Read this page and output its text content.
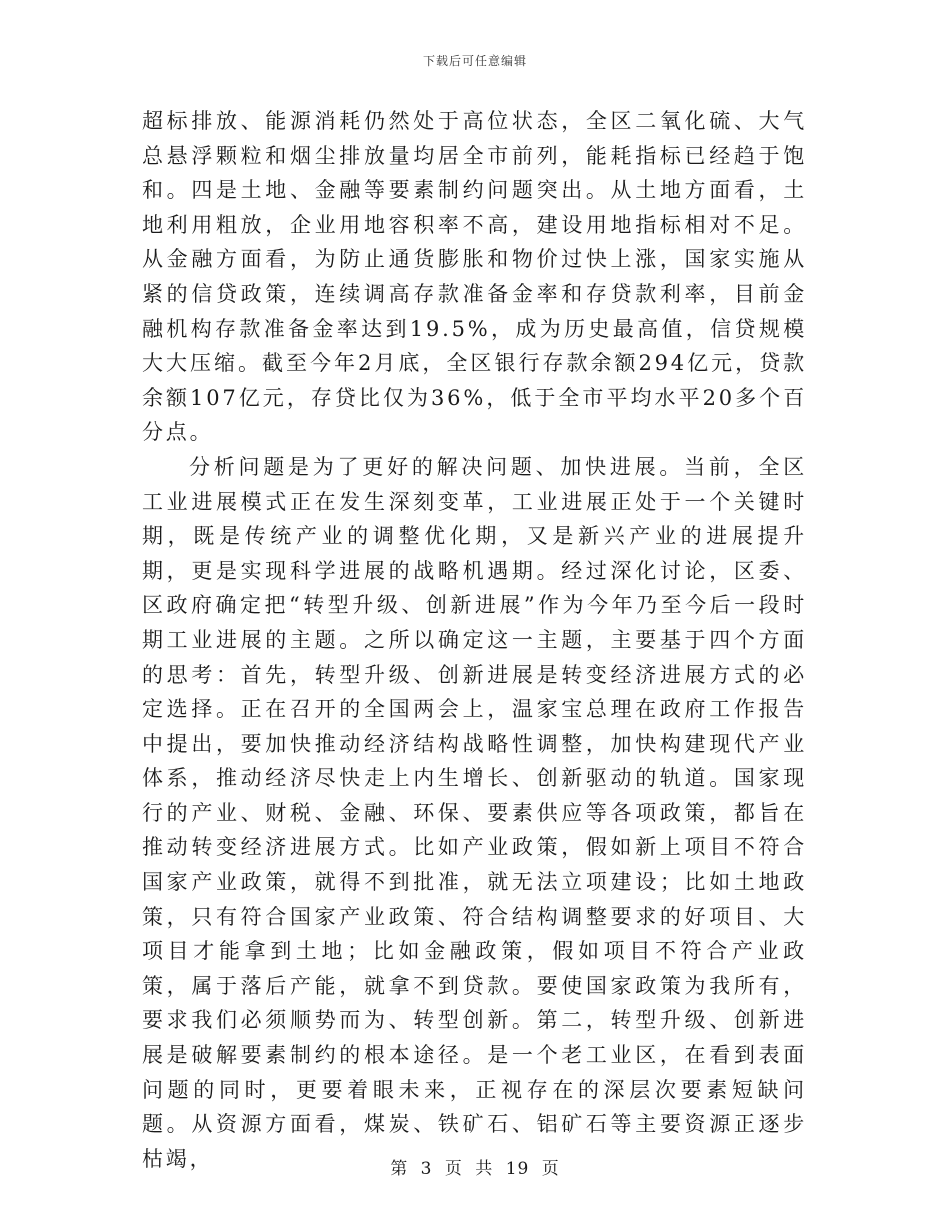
下载后可任意编辑

超标排放、能源消耗仍然处于高位状态，全区二氧化硫、大气总悬浮颗粒和烟尘排放量均居全市前列，能耗指标已经趋于饱和。四是土地、金融等要素制约问题突出。从土地方面看，土地利用粗放，企业用地容积率不高，建设用地指标相对不足。从金融方面看，为防止通货膨胀和物价过快上涨，国家实施从紧的信贷政策，连续调高存款准备金率和存贷款利率，目前金融机构存款准备金率达到19.5%，成为历史最高值，信贷规模大大压缩。截至今年2月底，全区银行存款余额294亿元，贷款余额107亿元，存贷比仅为36%，低于全市平均水平20多个百分点。

分析问题是为了更好的解决问题、加快进展。当前，全区工业进展模式正在发生深刻变革，工业进展正处于一个关键时期，既是传统产业的调整优化期，又是新兴产业的进展提升期，更是实现科学进展的战略机遇期。经过深化讨论，区委、区政府确定把“转型升级、创新进展”作为今年乃至今后一段时期工业进展的主题。之所以确定这一主题，主要基于四个方面的思考：首先，转型升级、创新进展是转变经济进展方式的必定选择。正在召开的全国两会上，温家宝总理在政府工作报告中提出，要加快推动经济结构战略性调整，加快构建现代产业体系，推动经济尽快走上内生增长、创新驱动的轨道。国家现行的产业、财税、金融、环保、要素供应等各项政策，都旨在推动转变经济进展方式。比如产业政策，假如新上项目不符合国家产业政策，就得不到批准，就无法立项建设；比如土地政策，只有符合国家产业政策、符合结构调整要求的好项目、大项目才能拿到土地；比如金融政策，假如项目不符合产业政策，属于落后产能，就拿不到贷款。要使国家政策为我所有，要求我们必须顺势而为、转型创新。第二，转型升级、创新进展是破解要素制约的根本途径。是一个老工业区，在看到表面问题的同时，更要着眼未来，正视存在的深层次要素短缺问题。从资源方面看，煤炭、铁矿石、铝矿石等主要资源正逐步枯竭，	第 3 页 共 19 页
